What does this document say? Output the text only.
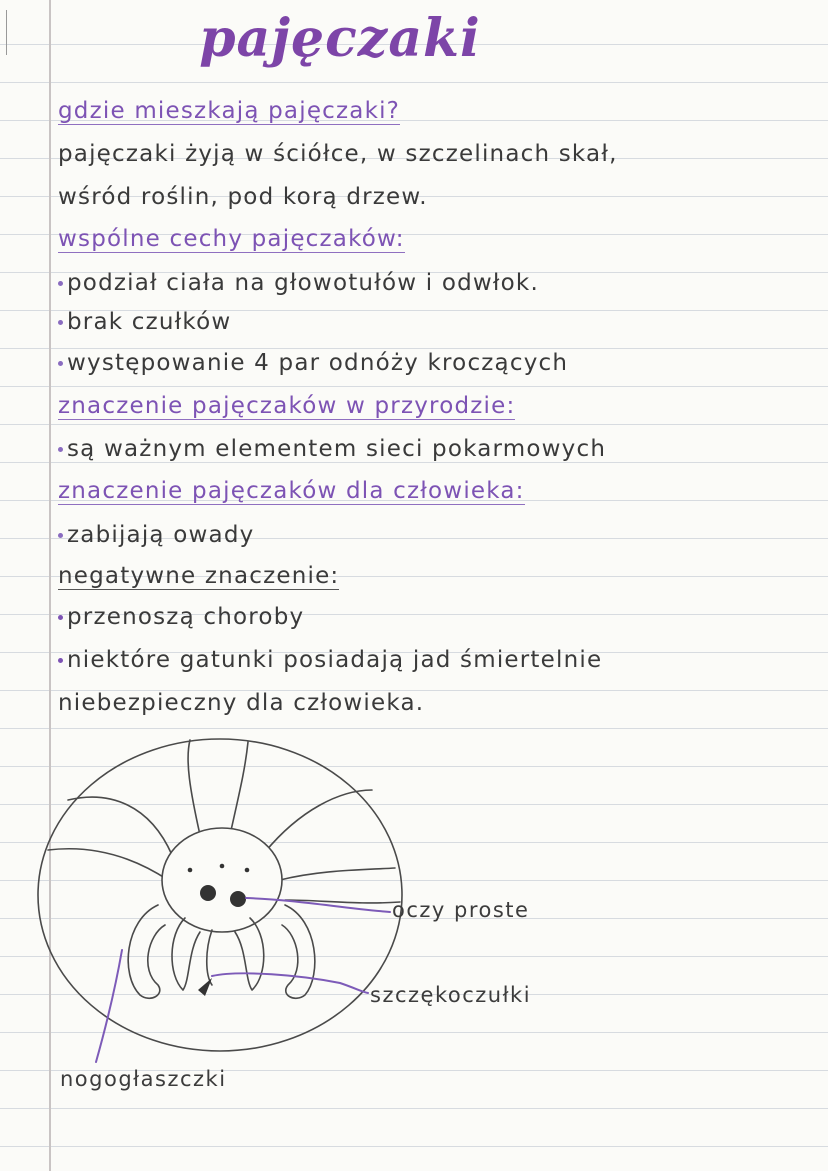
pajęczaki
gdzie mieszkają pajęczaki?
pajęczaki żyją w ściółce, w szczelinach skał,
wśród roślin, pod korą drzew.
wspólne cechy pajęczaków:
podział ciała na głowotułów i odwłok.
brak czułków
występowanie 4 par odnóży kroczących
znaczenie pajęczaków w przyrodzie:
są ważnym elementem sieci pokarmowych
znaczenie pajęczaków dla człowieka:
zabijają owady
negatywne znaczenie:
przenoszą choroby
niektóre gatunki posiadają jad śmiertelnie
niebezpieczny dla człowieka.
oczy proste
szczękoczułki
nogogłaszczki
